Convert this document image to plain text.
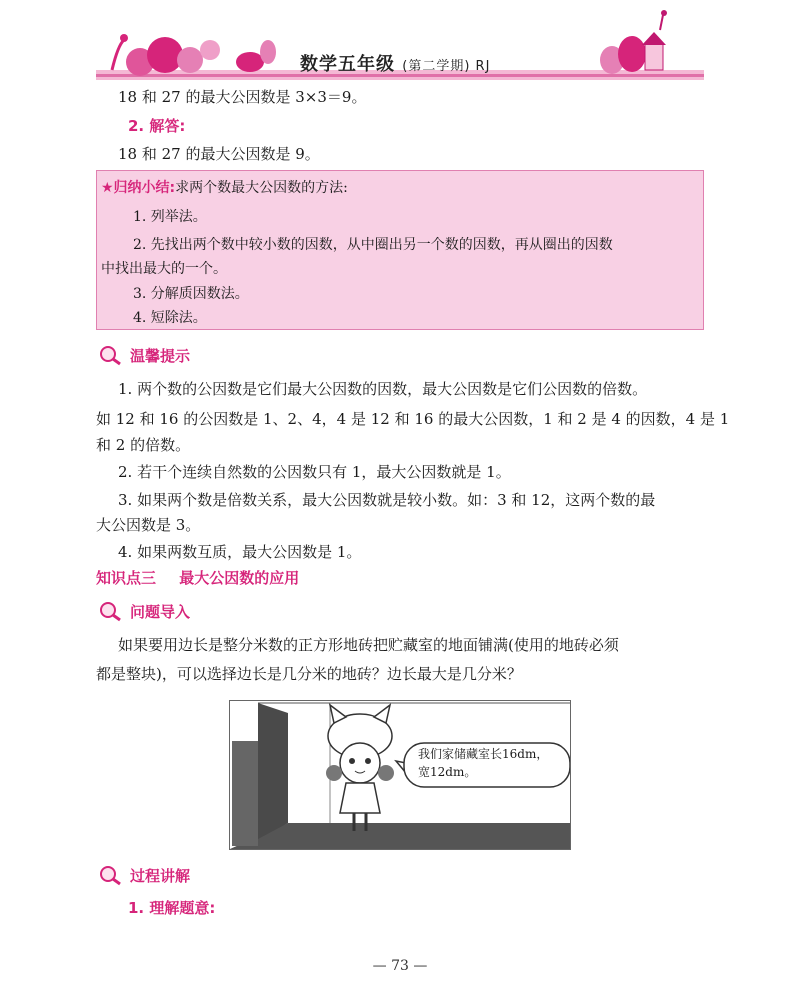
数学五年级 (第二学期) RJ
18 和 27 的最大公因数是 3×3＝9。
2. 解答:
18 和 27 的最大公因数是 9。
★归纳小结:求两个数最大公因数的方法:
1. 列举法。
2. 先找出两个数中较小数的因数，从中圈出另一个数的因数，再从圈出的因数
中找出最大的一个。
3. 分解质因数法。
4. 短除法。
温馨提示
1. 两个数的公因数是它们最大公因数的因数，最大公因数是它们公因数的倍数。
如 12 和 16 的公因数是 1、2、4，4 是 12 和 16 的最大公因数，1 和 2 是 4 的因数，4 是 1
和 2 的倍数。
2. 若干个连续自然数的公因数只有 1，最大公因数就是 1。
3. 如果两个数是倍数关系，最大公因数就是较小数。如：3 和 12，这两个数的最
大公因数是 3。
4. 如果两数互质，最大公因数是 1。
知识点三 最大公因数的应用
问题导入
如果要用边长是整分米数的正方形地砖把贮藏室的地面铺满(使用的地砖必须
都是整块)，可以选择边长是几分米的地砖？边长最大是几分米？
我们家储藏室长16dm，
宽12dm。
过程讲解
1. 理解题意:
— 73 —
